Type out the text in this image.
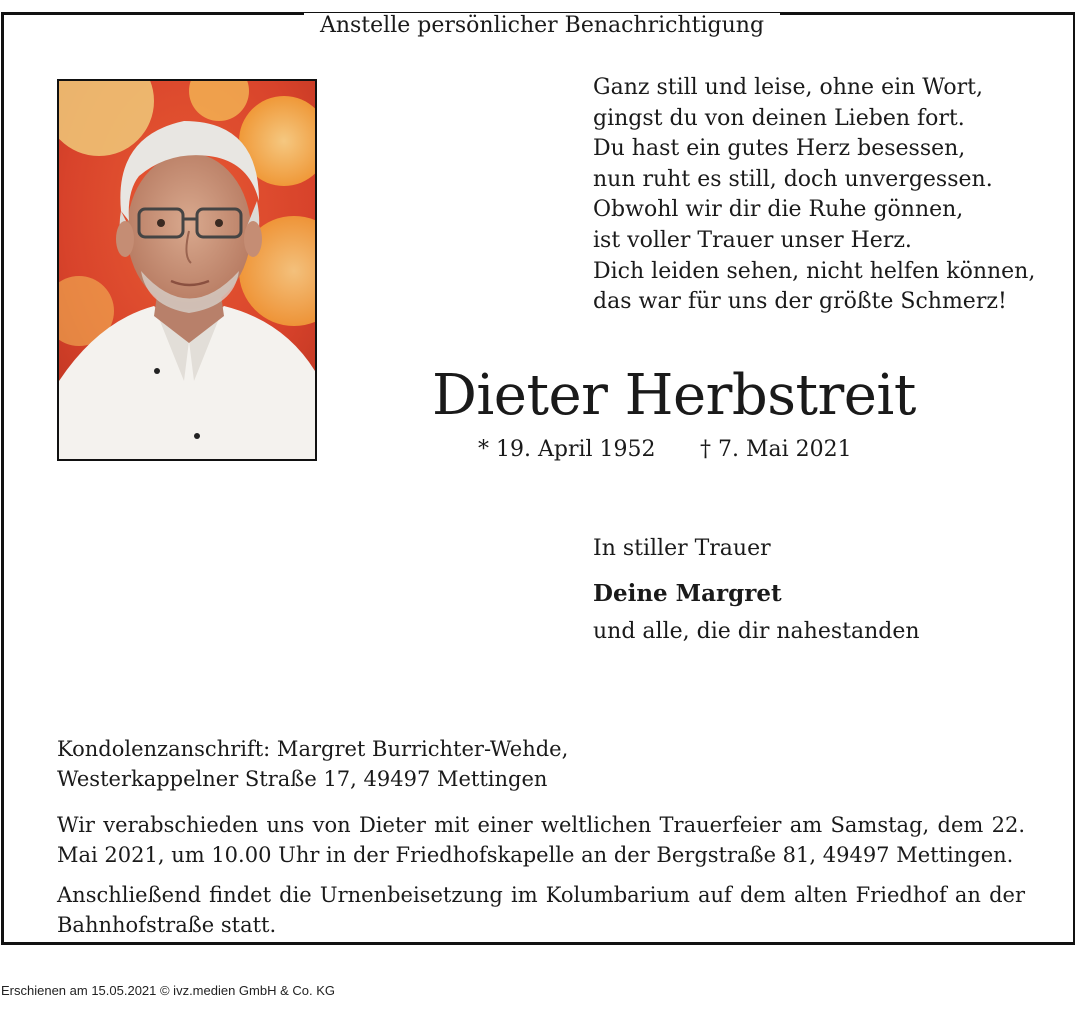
Anstelle persönlicher Benachrichtigung
Ganz still und leise, ohne ein Wort,
gingst du von deinen Lieben fort.
Du hast ein gutes Herz besessen,
nun ruht es still, doch unvergessen.
Obwohl wir dir die Ruhe gönnen,
ist voller Trauer unser Herz.
Dich leiden sehen, nicht helfen können,
das war für uns der größte Schmerz!
Dieter Herbstreit
* 19. April 1952 † 7. Mai 2021
In stiller Trauer
Deine Margret
und alle, die dir nahestanden
Kondolenzanschrift: Margret Burrichter-Wehde,
Westerkappelner Straße 17, 49497 Mettingen
Wir verabschieden uns von Dieter mit einer weltlichen Trauerfeier am Samstag, dem 22. Mai 2021, um 10.00 Uhr in der Friedhofskapelle an der Bergstraße 81, 49497 Mettingen.
Anschließend findet die Urnenbeisetzung im Kolumbarium auf dem alten Friedhof an der Bahnhofstraße statt.
Erschienen am 15.05.2021 © ivz.medien GmbH & Co. KG
